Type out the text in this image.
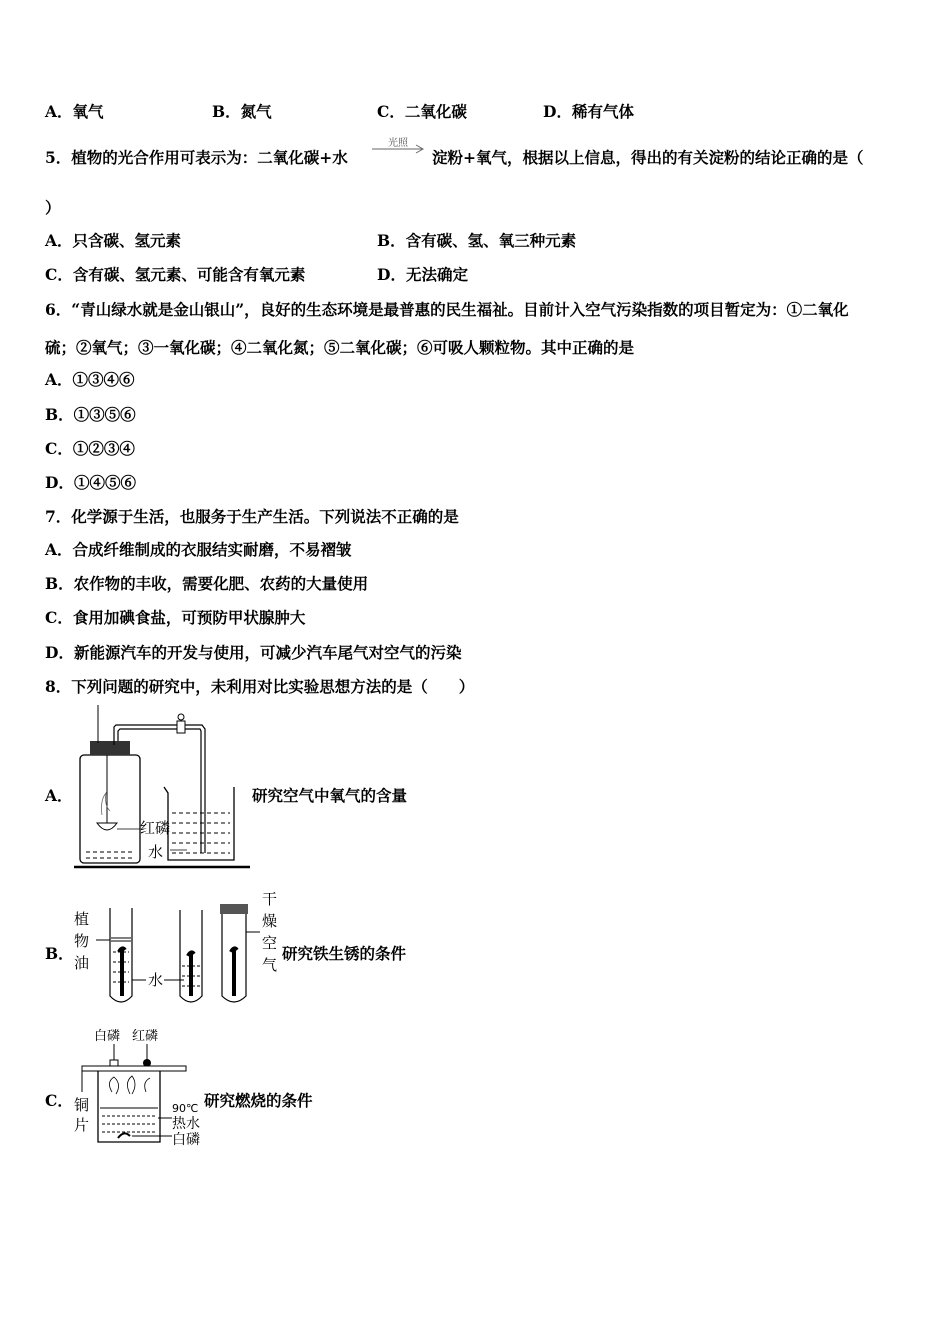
A．氧气	B．氮气	C．二氧化碳	D．稀有气体
5．植物的光合作用可表示为：二氧化碳+水
光照
淀粉+氧气，根据以上信息，得出的有关淀粉的结论正确的是（
）
A．只含碳、氢元素	B．含有碳、氢、氧三种元素
C．含有碳、氢元素、可能含有氧元素	D．无法确定
6．“青山绿水就是金山银山”，良好的生态环境是最普惠的民生福祉。目前计入空气污染指数的项目暂定为：①二氧化
硫；②氧气；③一氧化碳；④二氧化氮；⑤二氧化碳；⑥可吸人颗粒物。其中正确的是
A．①③④⑥
B．①③⑤⑥
C．①②③④
D．①④⑤⑥
7．化学源于生活，也服务于生产生活。下列说法不正确的是
A．合成纤维制成的衣服结实耐磨，不易褶皱
B．农作物的丰收，需要化肥、农药的大量使用
C．食用加碘食盐，可预防甲状腺肿大
D．新能源汽车的开发与使用，可减少汽车尾气对空气的污染
8．下列问题的研究中，未利用对比实验思想方法的是（　　）
A．
红磷
水
研究空气中氧气的含量
B．
植
物
油
水
干
燥
空
气
研究铁生锈的条件
C．
白磷 红磷
铜
片
90℃
热水
白磷
研究燃烧的条件
